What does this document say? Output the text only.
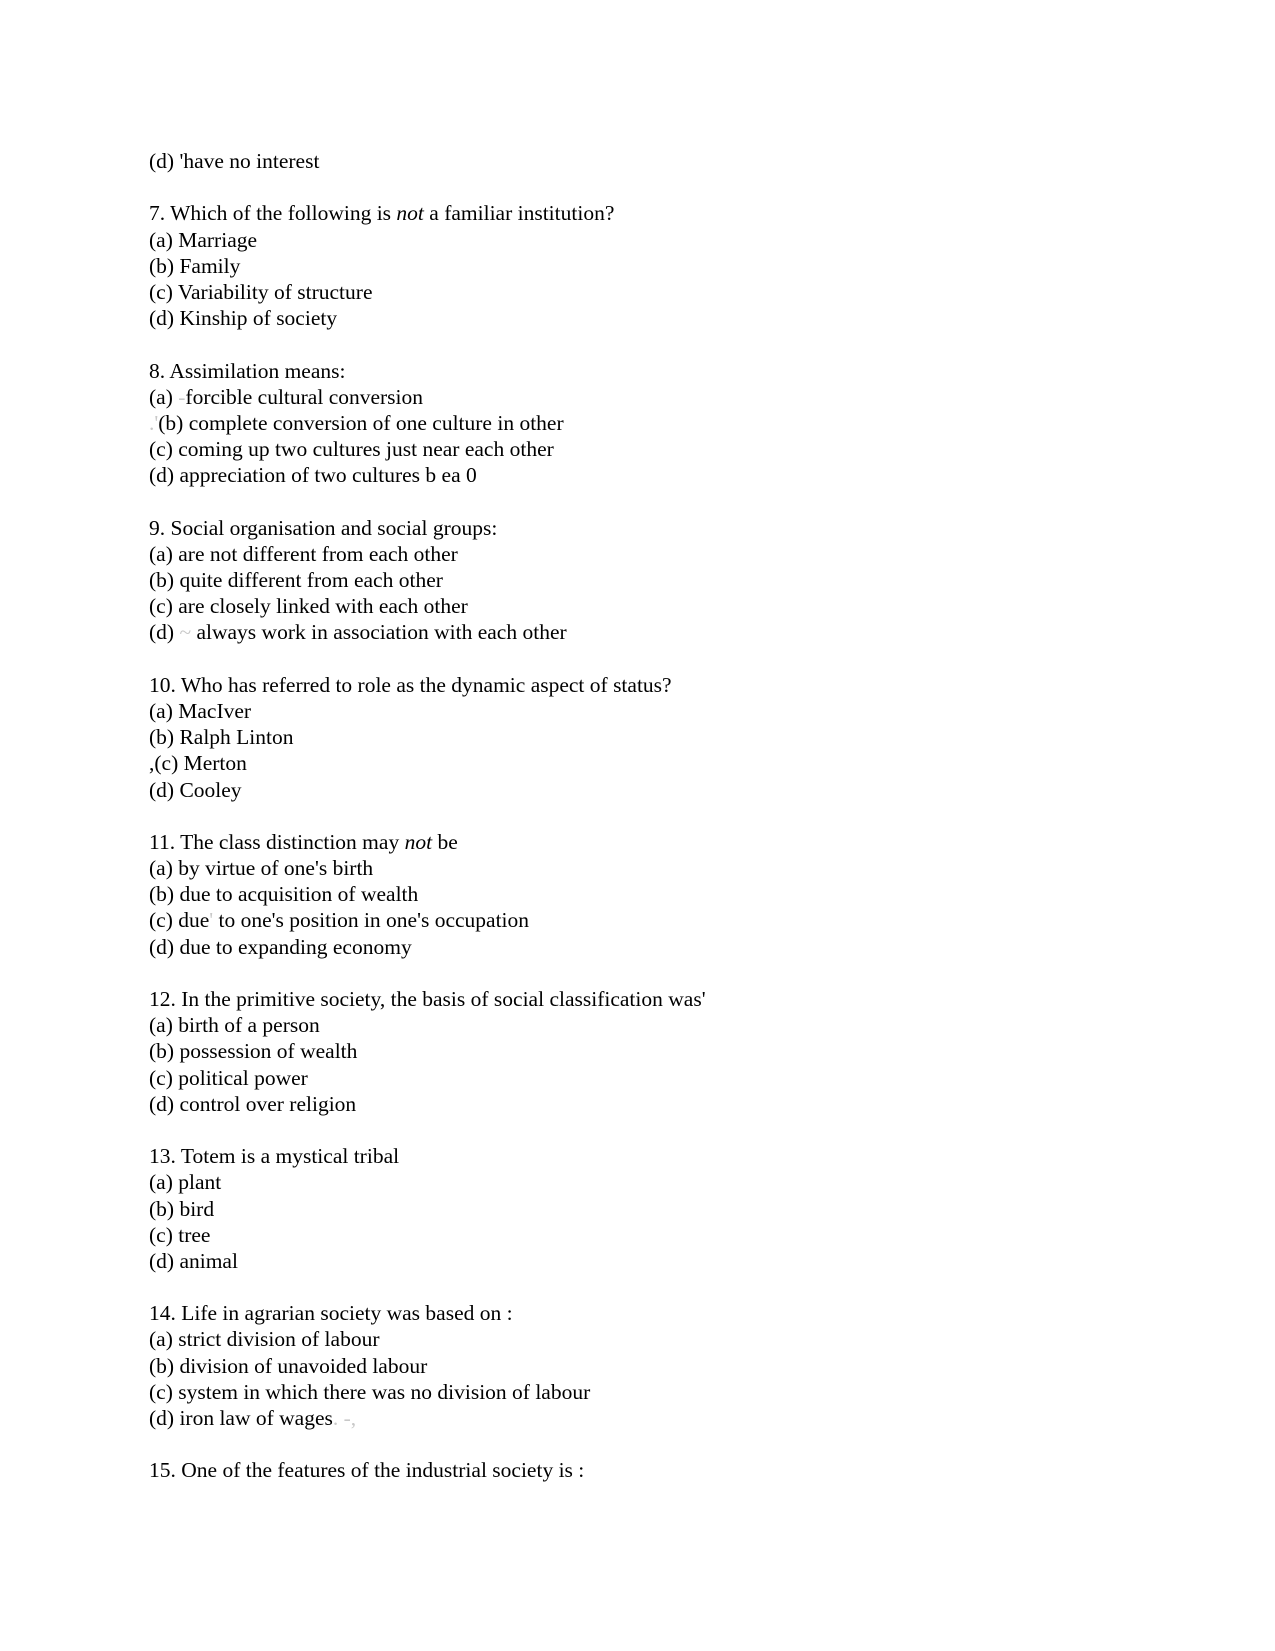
(d) 'have no interest
7. Which of the following is not a familiar institution?
(a) Marriage
(b) Family
(c) Variability of structure
(d) Kinship of society
8. Assimilation means:
(a) -forcible cultural conversion
.'(b) complete conversion of one culture in other
(c) coming up two cultures just near each other
(d) appreciation of two cultures b ea 0
9. Social organisation and social groups:
(a) are not different from each other
(b) quite different from each other
(c) are closely linked with each other
(d) ~ always work in association with each other
10. Who has referred to role as the dynamic aspect of status?
(a) MacIver
(b) Ralph Linton
,(c) Merton
(d) Cooley
11. The class distinction may not be
(a) by virtue of one's birth
(b) due to acquisition of wealth
(c) due' to one's position in one's occupation
(d) due to expanding economy
12. In the primitive society, the basis of social classification was'
(a) birth of a person
(b) possession of wealth
(c) political power
(d) control over religion
13. Totem is a mystical tribal
(a) plant
(b) bird
(c) tree
(d) animal
14. Life in agrarian society was based on :
(a) strict division of labour
(b) division of unavoided labour
(c) system in which there was no division of labour
(d) iron law of wages. -,
15. One of the features of the industrial society is :
